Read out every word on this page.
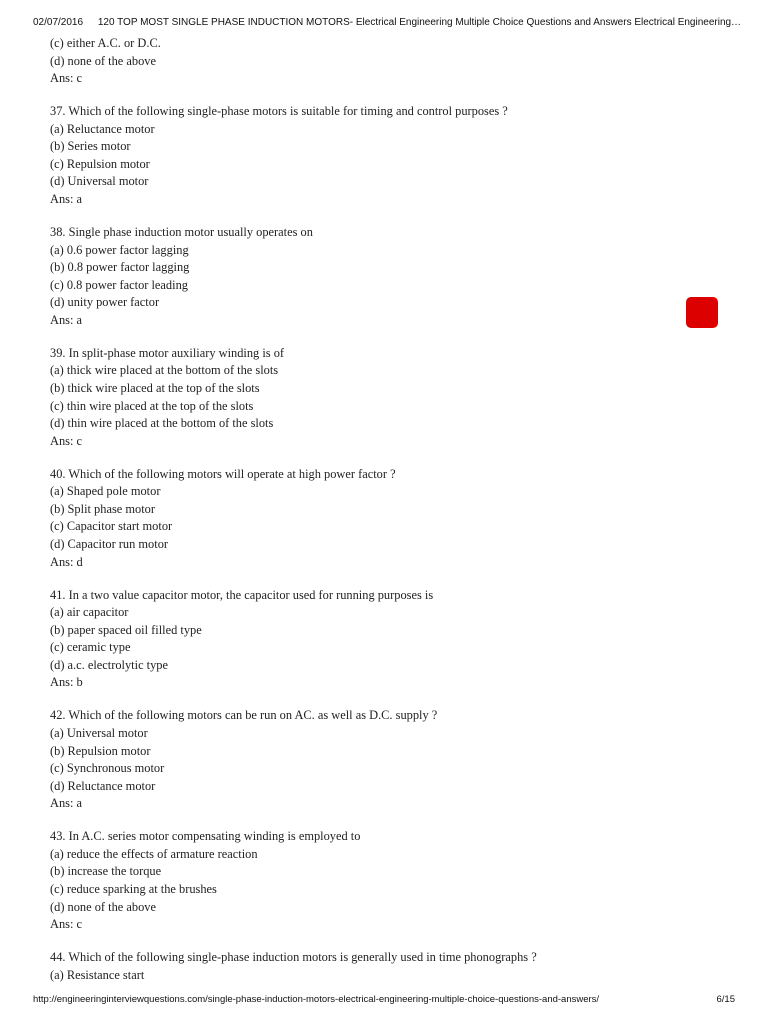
02/07/2016 120 TOP MOST SINGLE PHASE INDUCTION MOTORS- Electrical Engineering Multiple Choice Questions and Answers Electrical Engineering…
(c) either A.C. or D.C.
(d) none of the above
Ans: c
37. Which of the following single-phase motors is suitable for timing and control purposes ?
(a) Reluctance motor
(b) Series motor
(c) Repulsion motor
(d) Universal motor
Ans: a
38. Single phase induction motor usually operates on
(a) 0.6 power factor lagging
(b) 0.8 power factor lagging
(c) 0.8 power factor leading
(d) unity power factor
Ans: a
39. In split-phase motor auxiliary winding is of
(a) thick wire placed at the bottom of the slots
(b) thick wire placed at the top of the slots
(c) thin wire placed at the top of the slots
(d) thin wire placed at the bottom of the slots
Ans: c
40. Which of the following motors will operate at high power factor ?
(a) Shaped pole motor
(b) Split phase motor
(c) Capacitor start motor
(d) Capacitor run motor
Ans: d
41. In a two value capacitor motor, the capacitor used for running purposes is
(a) air capacitor
(b) paper spaced oil filled type
(c) ceramic type
(d) a.c. electrolytic type
Ans: b
42. Which of the following motors can be run on AC. as well as D.C. supply ?
(a) Universal motor
(b) Repulsion motor
(c) Synchronous motor
(d) Reluctance motor
Ans: a
43. In A.C. series motor compensating winding is employed to
(a) reduce the effects of armature reaction
(b) increase the torque
(c) reduce sparking at the brushes
(d) none of the above
Ans: c
44. Which of the following single-phase induction motors is generally used in time phonographs ?
(a) Resistance start
http://engineeringinterviewquestions.com/single-phase-induction-motors-electrical-engineering-multiple-choice-questions-and-answers/	6/15
